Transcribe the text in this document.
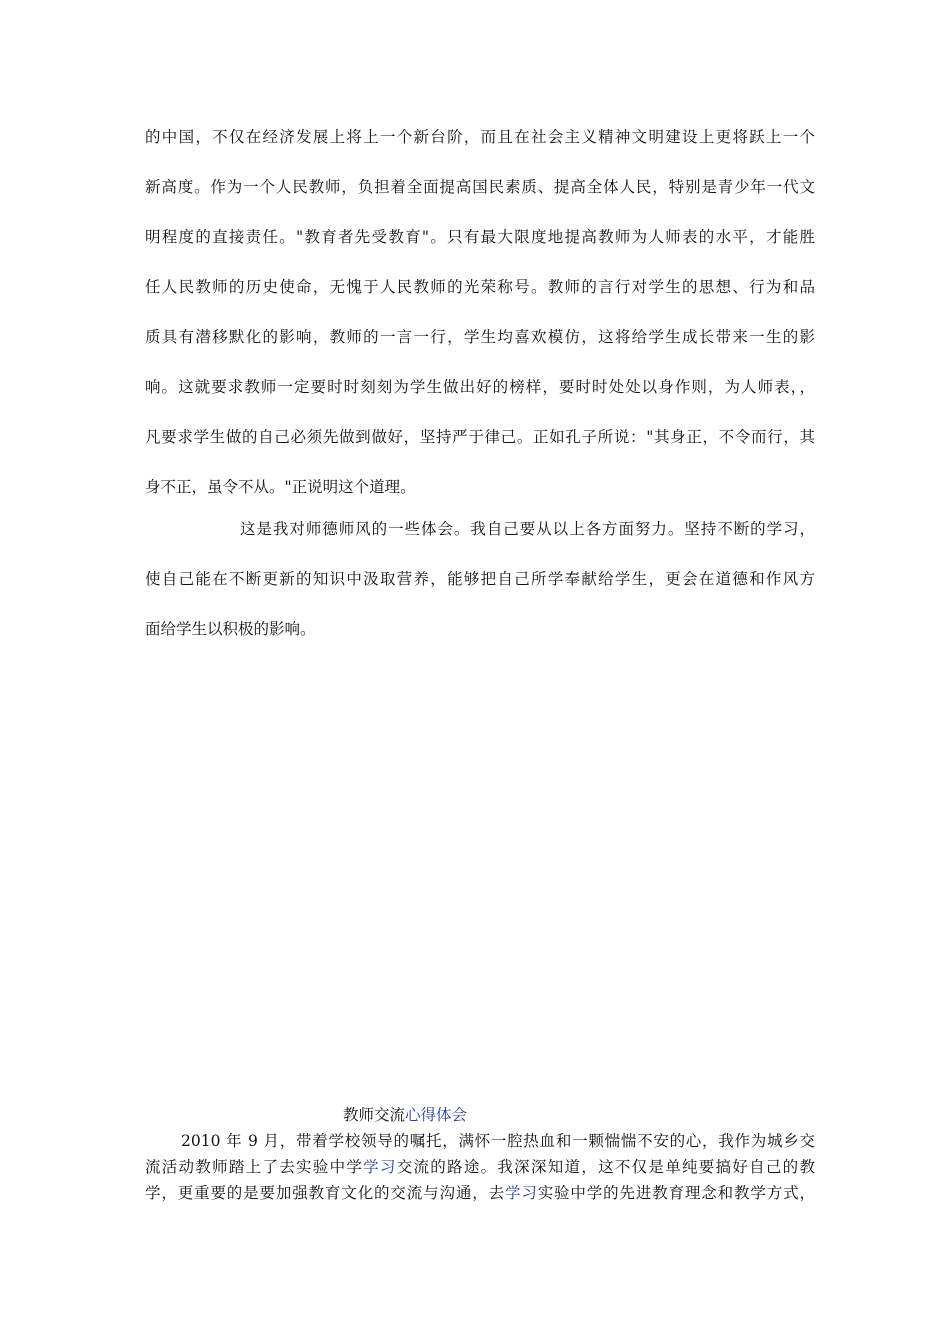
的中国，不仅在经济发展上将上一个新台阶，而且在社会主义精神文明建设上更将跃上一个
新高度。作为一个人民教师，负担着全面提高国民素质、提高全体人民，特别是青少年一代文
明程度的直接责任。"教育者先受教育"。只有最大限度地提高教师为人师表的水平，才能胜
任人民教师的历史使命，无愧于人民教师的光荣称号。教师的言行对学生的思想、行为和品
质具有潜移默化的影响，教师的一言一行，学生均喜欢模仿，这将给学生成长带来一生的影
响。这就要求教师一定要时时刻刻为学生做出好的榜样，要时时处处以身作则，为人师表，，
凡要求学生做的自己必须先做到做好，坚持严于律己。正如孔子所说："其身正，不令而行，其
身不正，虽令不从。"正说明这个道理。
这是我对师德师风的一些体会。我自己要从以上各方面努力。坚持不断的学习，
使自己能在不断更新的知识中汲取营养，能够把自己所学奉献给学生，更会在道德和作风方
面给学生以积极的影响。
教师交流心得体会
2010 年 9 月，带着学校领导的嘱托，满怀一腔热血和一颗惴惴不安的心，我作为城乡交
流活动教师踏上了去实验中学学习交流的路途。我深深知道，这不仅是单纯要搞好自己的教
学，更重要的是要加强教育文化的交流与沟通，去学习实验中学的先进教育理念和教学方式，
